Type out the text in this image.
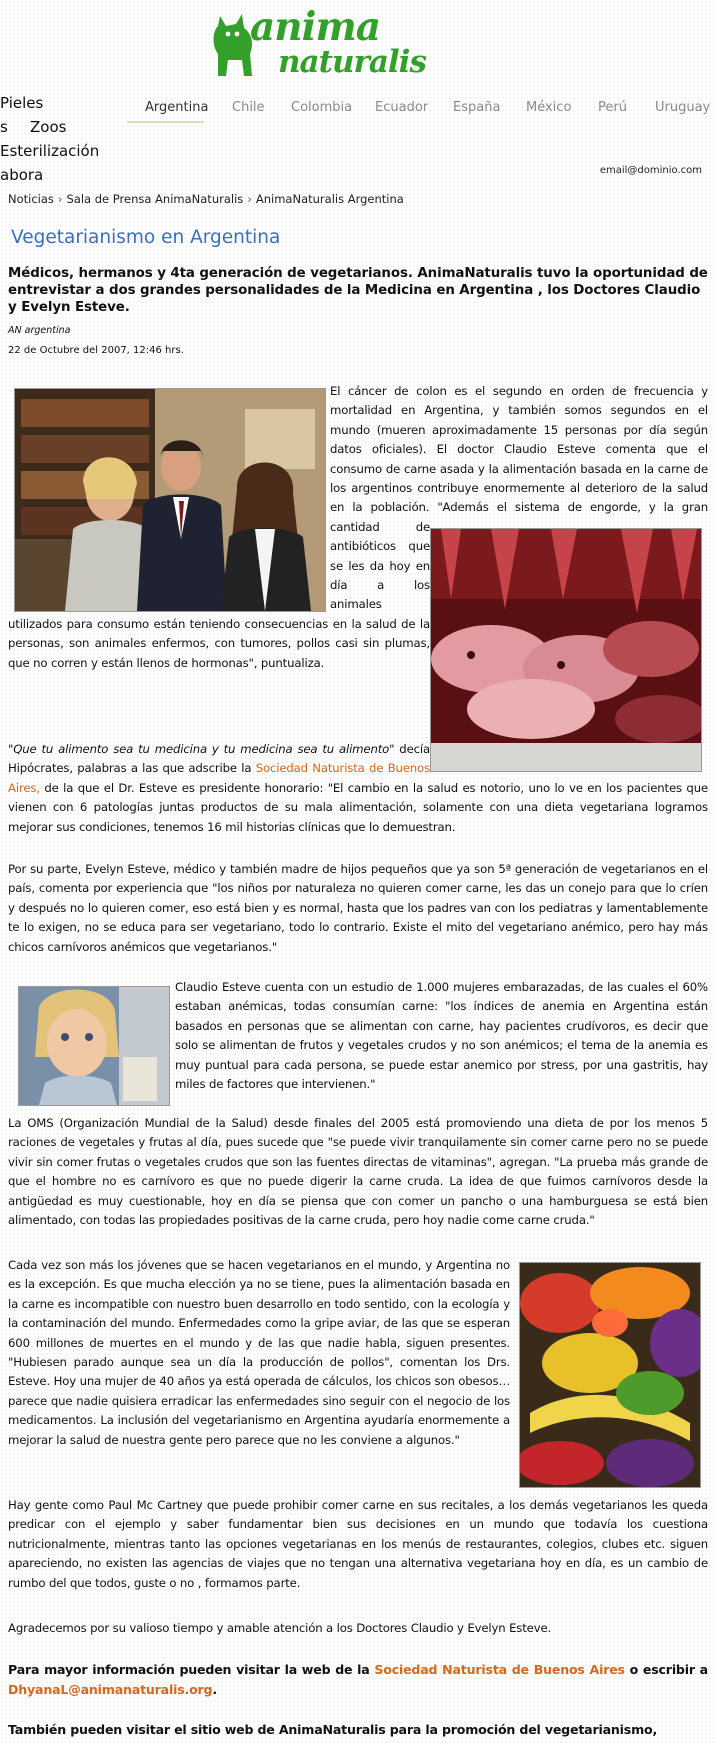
anima
naturalis
Pieles
s Zoos
Esterilización
abora
Argentina Chile Colombia Ecuador España México Perú Uruguay
email@dominio.com
Noticias › Sala de Prensa AnimaNaturalis › AnimaNaturalis Argentina
Vegetarianismo en Argentina
Médicos, hermanos y 4ta generación de vegetarianos. AnimaNaturalis tuvo la oportunidad de entrevistar a dos grandes personalidades de la Medicina en Argentina , los Doctores Claudio y Evelyn Esteve.
AN argentina
22 de Octubre del 2007, 12:46 hrs.

El cáncer de colon es el segundo en orden de frecuencia y mortalidad en Argentina, y también somos segundos en el mundo (mueren aproximadamente 15 personas por día según datos oficiales). El doctor Claudio Esteve comenta que el consumo de carne asada y la alimentación basada en la carne de los argentinos contribuye enormemente al deterioro de la salud en la población. "Además el sistema de engorde, y la gran cantidad de antibióticos que se les da hoy en día a los animales utilizados para consumo están teniendo consecuencias en la salud de la personas, son animales enfermos, con tumores, pollos casi sin plumas, que no corren y están llenos de hormonas", puntualiza.

"Que tu alimento sea tu medicina y tu medicina sea tu alimento" decía Hipócrates, palabras a las que adscribe la Sociedad Naturista de Buenos Aires, de la que el Dr. Esteve es presidente honorario: "El cambio en la salud es notorio, uno lo ve en los pacientes que vienen con 6 patologías juntas productos de su mala alimentación, solamente con una dieta vegetariana logramos mejorar sus condiciones, tenemos 16 mil historias clínicas que lo demuestran.

Por su parte, Evelyn Esteve, médico y también madre de hijos pequeños que ya son 5ª generación de vegetarianos en el país, comenta por experiencia que "los niños por naturaleza no quieren comer carne, les das un conejo para que lo críen y después no lo quieren comer, eso está bien y es normal, hasta que los padres van con los pediatras y lamentablemente te lo exigen, no se educa para ser vegetariano, todo lo contrario. Existe el mito del vegetariano anémico, pero hay más chicos carnívoros anémicos que vegetarianos."

Claudio Esteve cuenta con un estudio de 1.000 mujeres embarazadas, de las cuales el 60% estaban anémicas, todas consumían carne: "los índices de anemia en Argentina están basados en personas que se alimentan con carne, hay pacientes crudívoros, es decir que solo se alimentan de frutos y vegetales crudos y no son anémicos; el tema de la anemia es muy puntual para cada persona, se puede estar anemico por stress, por una gastritis, hay miles de factores que intervienen."

La OMS (Organización Mundial de la Salud) desde finales del 2005 está promoviendo una dieta de por los menos 5 raciones de vegetales y frutas al día, pues sucede que "se puede vivir tranquilamente sin comer carne pero no se puede vivir sin comer frutas o vegetales crudos que son las fuentes directas de vitaminas", agregan. "La prueba más grande de que el hombre no es carnívoro es que no puede digerir la carne cruda. La idea de que fuimos carnívoros desde la antigüedad es muy cuestionable, hoy en día se piensa que con comer un pancho o una hamburguesa se está bien alimentado, con todas las propiedades positivas de la carne cruda, pero hoy nadie come carne cruda."

Cada vez son más los jóvenes que se hacen vegetarianos en el mundo, y Argentina no es la excepción. Es que mucha elección ya no se tiene, pues la alimentación basada en la carne es incompatible con nuestro buen desarrollo en todo sentido, con la ecología y la contaminación del mundo. Enfermedades como la gripe aviar, de las que se esperan 600 millones de muertes en el mundo y de las que nadie habla, siguen presentes. "Hubiesen parado aunque sea un día la producción de pollos", comentan los Drs. Esteve. Hoy una mujer de 40 años ya está operada de cálculos, los chicos son obesos… parece que nadie quisiera erradicar las enfermedades sino seguir con el negocio de los medicamentos. La inclusión del vegetarianismo en Argentina ayudaría enormemente a mejorar la salud de nuestra gente pero parece que no les conviene a algunos."

Hay gente como Paul Mc Cartney que puede prohibir comer carne en sus recitales, a los demás vegetarianos les queda predicar con el ejemplo y saber fundamentar bien sus decisiones en un mundo que todavía los cuestiona nutricionalmente, mientras tanto las opciones vegetarianas en los menús de restaurantes, colegios, clubes etc. siguen apareciendo, no existen las agencias de viajes que no tengan una alternativa vegetariana hoy en día, es un cambio de rumbo del que todos, guste o no , formamos parte.

Agradecemos por su valioso tiempo y amable atención a los Doctores Claudio y Evelyn Esteve.

Para mayor información pueden visitar la web de la Sociedad Naturista de Buenos Aires o escribir a DhyanaL@animanaturalis.org.

También pueden visitar el sitio web de AnimaNaturalis para la promoción del vegetarianismo,
